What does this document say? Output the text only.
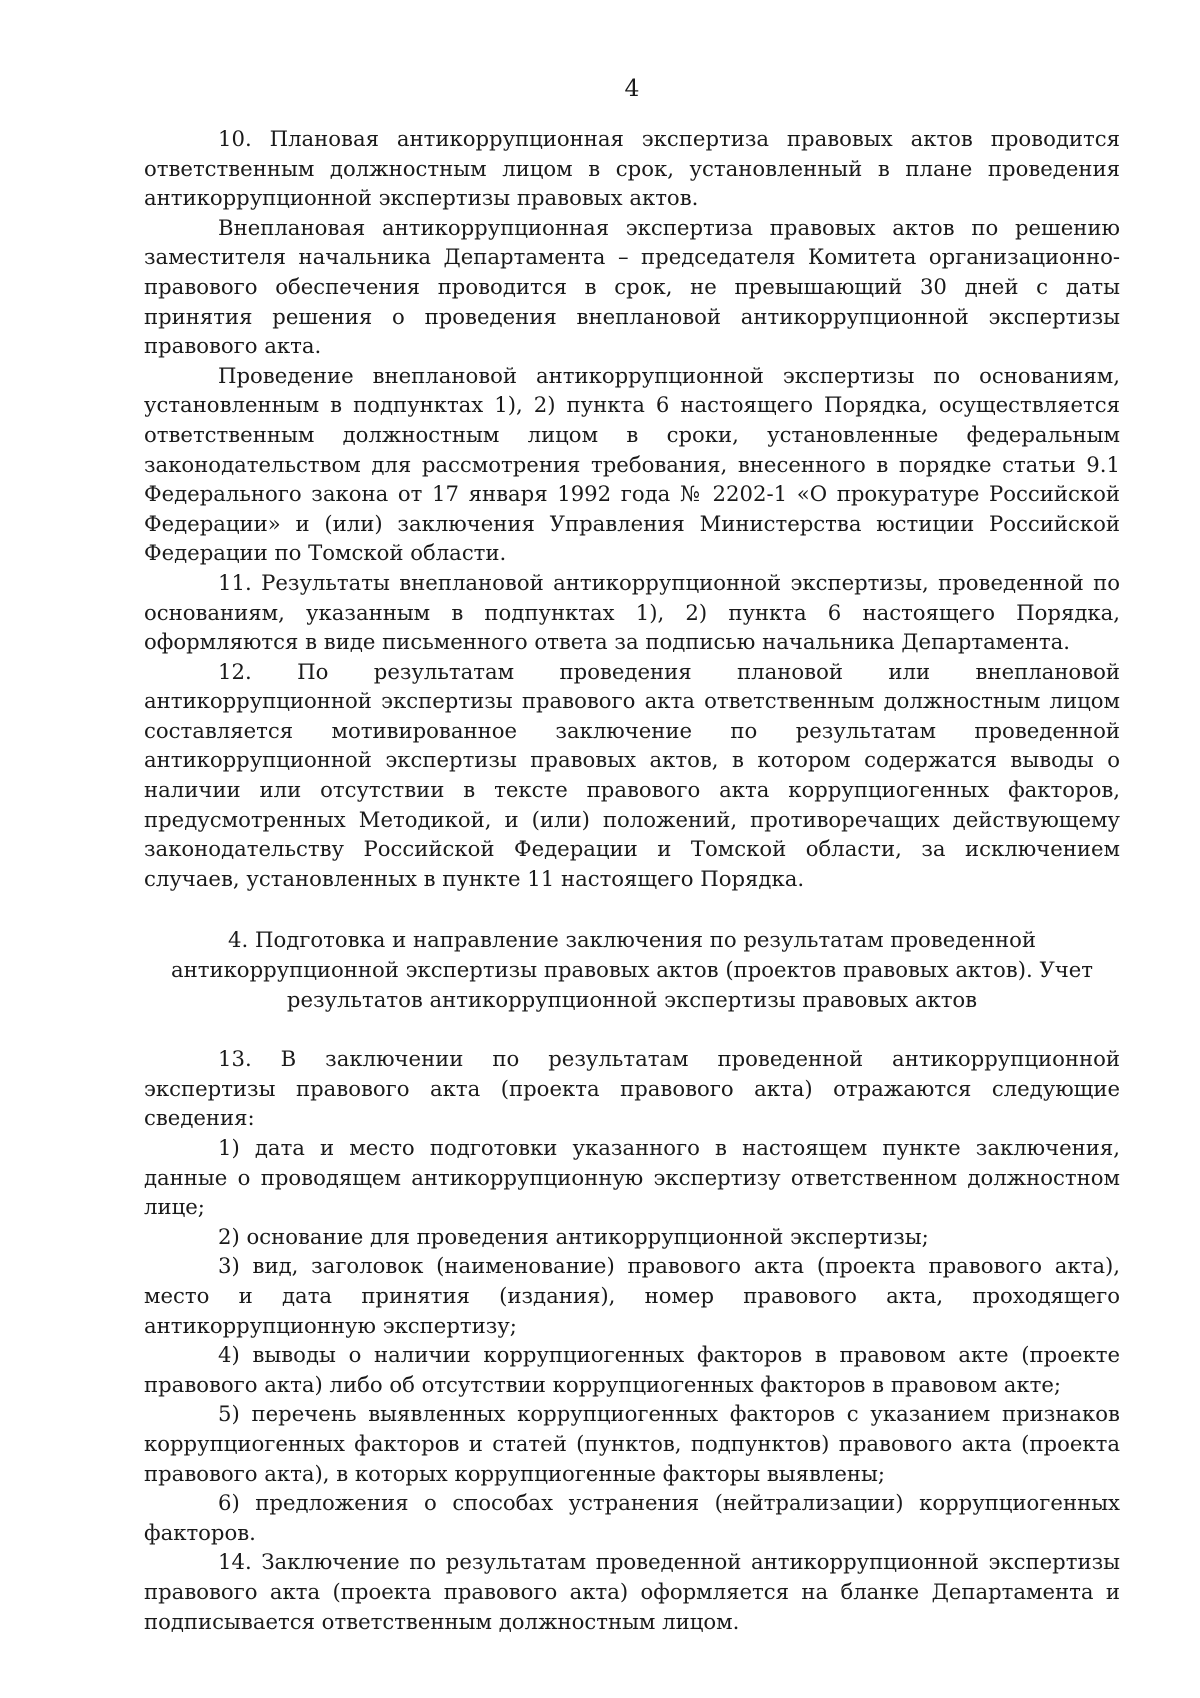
4

10. Плановая антикоррупционная экспертиза правовых актов проводится ответственным должностным лицом в срок, установленный в плане проведения антикоррупционной экспертизы правовых актов.

Внеплановая антикоррупционная экспертиза правовых актов по решению заместителя начальника Департамента – председателя Комитета организационно-правового обеспечения проводится в срок, не превышающий 30 дней с даты принятия решения о проведения внеплановой антикоррупционной экспертизы правового акта.

Проведение внеплановой антикоррупционной экспертизы по основаниям, установленным в подпунктах 1), 2) пункта 6 настоящего Порядка, осуществляется ответственным должностным лицом в сроки, установленные федеральным законодательством для рассмотрения требования, внесенного в порядке статьи 9.1 Федерального закона от 17 января 1992 года № 2202-1 «О прокуратуре Российской Федерации» и (или) заключения Управления Министерства юстиции Российской Федерации по Томской области.

11. Результаты внеплановой антикоррупционной экспертизы, проведенной по основаниям, указанным в подпунктах 1), 2) пункта 6 настоящего Порядка, оформляются в виде письменного ответа за подписью начальника Департамента.

12. По результатам проведения плановой или внеплановой антикоррупционной экспертизы правового акта ответственным должностным лицом составляется мотивированное заключение по результатам проведенной антикоррупционной экспертизы правовых актов, в котором содержатся выводы о наличии или отсутствии в тексте правового акта коррупциогенных факторов, предусмотренных Методикой, и (или) положений, противоречащих действующему законодательству Российской Федерации и Томской области, за исключением случаев, установленных в пункте 11 настоящего Порядка.

4. Подготовка и направление заключения по результатам проведенной антикоррупционной экспертизы правовых актов (проектов правовых актов). Учет результатов антикоррупционной экспертизы правовых актов

13. В заключении по результатам проведенной антикоррупционной экспертизы правового акта (проекта правового акта) отражаются следующие сведения:

1) дата и место подготовки указанного в настоящем пункте заключения, данные о проводящем антикоррупционную экспертизу ответственном должностном лице;

2) основание для проведения антикоррупционной экспертизы;

3) вид, заголовок (наименование) правового акта (проекта правового акта), место и дата принятия (издания), номер правового акта, проходящего антикоррупционную экспертизу;

4) выводы о наличии коррупциогенных факторов в правовом акте (проекте правового акта) либо об отсутствии коррупциогенных факторов в правовом акте;

5) перечень выявленных коррупциогенных факторов с указанием признаков коррупциогенных факторов и статей (пунктов, подпунктов) правового акта (проекта правового акта), в которых коррупциогенные факторы выявлены;

6) предложения о способах устранения (нейтрализации) коррупциогенных факторов.

14. Заключение по результатам проведенной антикоррупционной экспертизы правового акта (проекта правового акта) оформляется на бланке Департамента и подписывается ответственным должностным лицом.
